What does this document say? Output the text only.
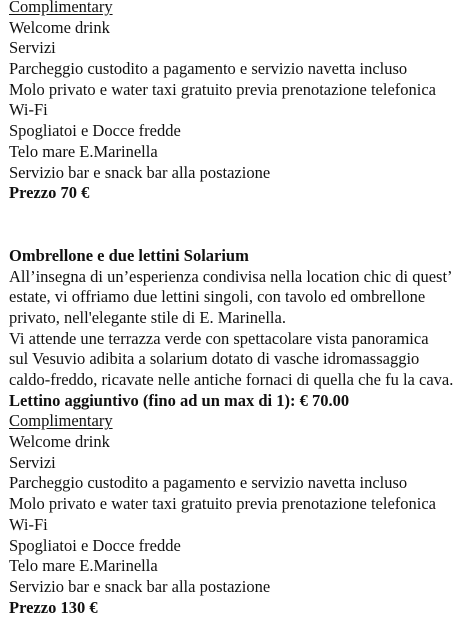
Complimentary
Welcome drink
Servizi
Parcheggio custodito a pagamento e servizio navetta incluso
Molo privato e water taxi gratuito previa prenotazione telefonica
Wi-Fi
Spogliatoi e Docce fredde
Telo mare E.Marinella
Servizio bar e snack bar alla postazione
Prezzo 70 €
Ombrellone e due lettini Solarium
All’insegna di un’esperienza condivisa nella location chic di quest’
estate, vi offriamo due lettini singoli, con tavolo ed ombrellone
privato, nell'elegante stile di E. Marinella.
Vi attende une terrazza verde con spettacolare vista panoramica
sul Vesuvio adibita a solarium dotato di vasche idromassaggio
caldo-freddo, ricavate nelle antiche fornaci di quella che fu la cava.
Lettino aggiuntivo (fino ad un max di 1): € 70.00
Complimentary
Welcome drink
Servizi
Parcheggio custodito a pagamento e servizio navetta incluso
Molo privato e water taxi gratuito previa prenotazione telefonica
Wi-Fi
Spogliatoi e Docce fredde
Telo mare E.Marinella
Servizio bar e snack bar alla postazione
Prezzo 130 €
